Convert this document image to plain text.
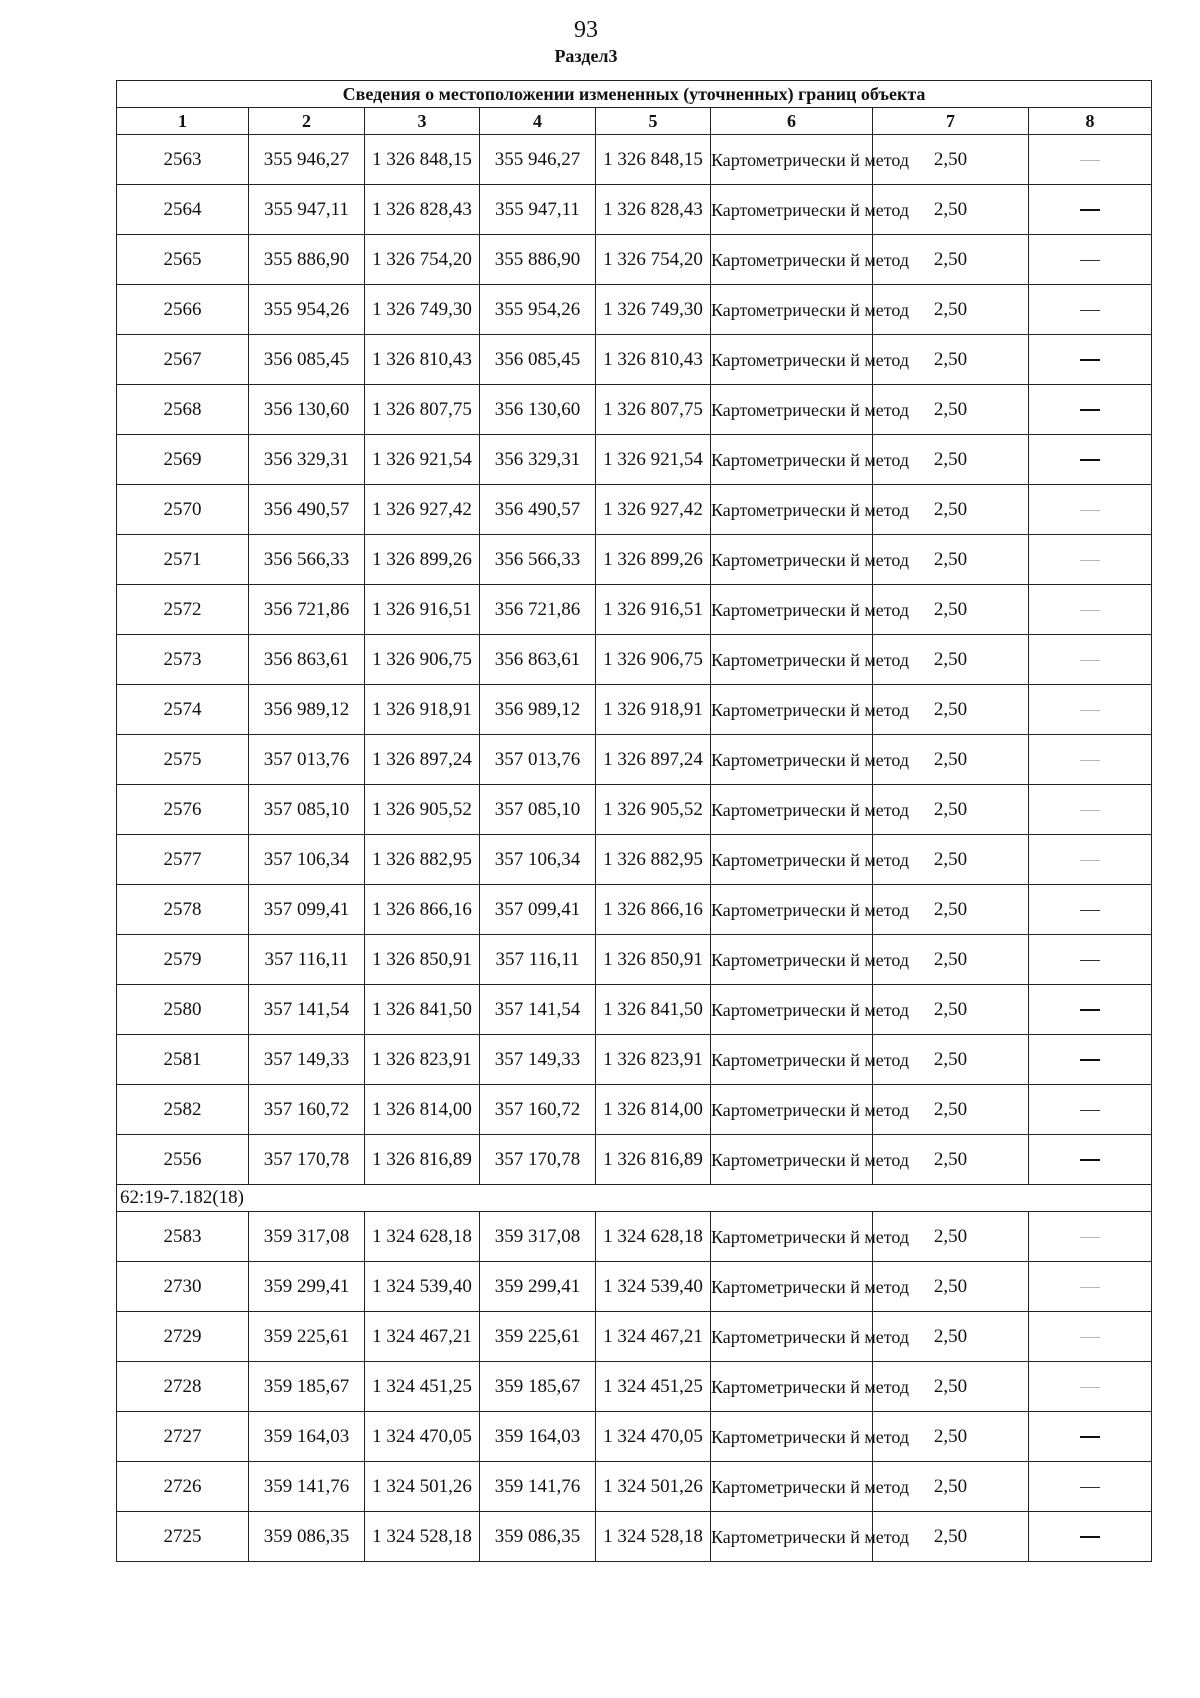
93
Раздел3
Сведения о местоположении измененных (уточненных) границ объекта							
1	2	3	4	5	6	7	8
2563	355 946,27	1 326 848,15	355 946,27	1 326 848,15	Картометрически й метод	2,50	
2564	355 947,11	1 326 828,43	355 947,11	1 326 828,43	Картометрически й метод	2,50	
2565	355 886,90	1 326 754,20	355 886,90	1 326 754,20	Картометрически й метод	2,50	
2566	355 954,26	1 326 749,30	355 954,26	1 326 749,30	Картометрически й метод	2,50	
2567	356 085,45	1 326 810,43	356 085,45	1 326 810,43	Картометрически й метод	2,50	
2568	356 130,60	1 326 807,75	356 130,60	1 326 807,75	Картометрически й метод	2,50	
2569	356 329,31	1 326 921,54	356 329,31	1 326 921,54	Картометрически й метод	2,50	
2570	356 490,57	1 326 927,42	356 490,57	1 326 927,42	Картометрически й метод	2,50	
2571	356 566,33	1 326 899,26	356 566,33	1 326 899,26	Картометрически й метод	2,50	
2572	356 721,86	1 326 916,51	356 721,86	1 326 916,51	Картометрически й метод	2,50	
2573	356 863,61	1 326 906,75	356 863,61	1 326 906,75	Картометрически й метод	2,50	
2574	356 989,12	1 326 918,91	356 989,12	1 326 918,91	Картометрически й метод	2,50	
2575	357 013,76	1 326 897,24	357 013,76	1 326 897,24	Картометрически й метод	2,50	
2576	357 085,10	1 326 905,52	357 085,10	1 326 905,52	Картометрически й метод	2,50	
2577	357 106,34	1 326 882,95	357 106,34	1 326 882,95	Картометрически й метод	2,50	
2578	357 099,41	1 326 866,16	357 099,41	1 326 866,16	Картометрически й метод	2,50	
2579	357 116,11	1 326 850,91	357 116,11	1 326 850,91	Картометрически й метод	2,50	
2580	357 141,54	1 326 841,50	357 141,54	1 326 841,50	Картометрически й метод	2,50	
2581	357 149,33	1 326 823,91	357 149,33	1 326 823,91	Картометрически й метод	2,50	
2582	357 160,72	1 326 814,00	357 160,72	1 326 814,00	Картометрически й метод	2,50	
2556	357 170,78	1 326 816,89	357 170,78	1 326 816,89	Картометрически й метод	2,50	
62:19-7.182(18)							
2583	359 317,08	1 324 628,18	359 317,08	1 324 628,18	Картометрически й метод	2,50	
2730	359 299,41	1 324 539,40	359 299,41	1 324 539,40	Картометрически й метод	2,50	
2729	359 225,61	1 324 467,21	359 225,61	1 324 467,21	Картометрически й метод	2,50	
2728	359 185,67	1 324 451,25	359 185,67	1 324 451,25	Картометрически й метод	2,50	
2727	359 164,03	1 324 470,05	359 164,03	1 324 470,05	Картометрически й метод	2,50	
2726	359 141,76	1 324 501,26	359 141,76	1 324 501,26	Картометрически й метод	2,50	
2725	359 086,35	1 324 528,18	359 086,35	1 324 528,18	Картометрически й метод	2,50	
